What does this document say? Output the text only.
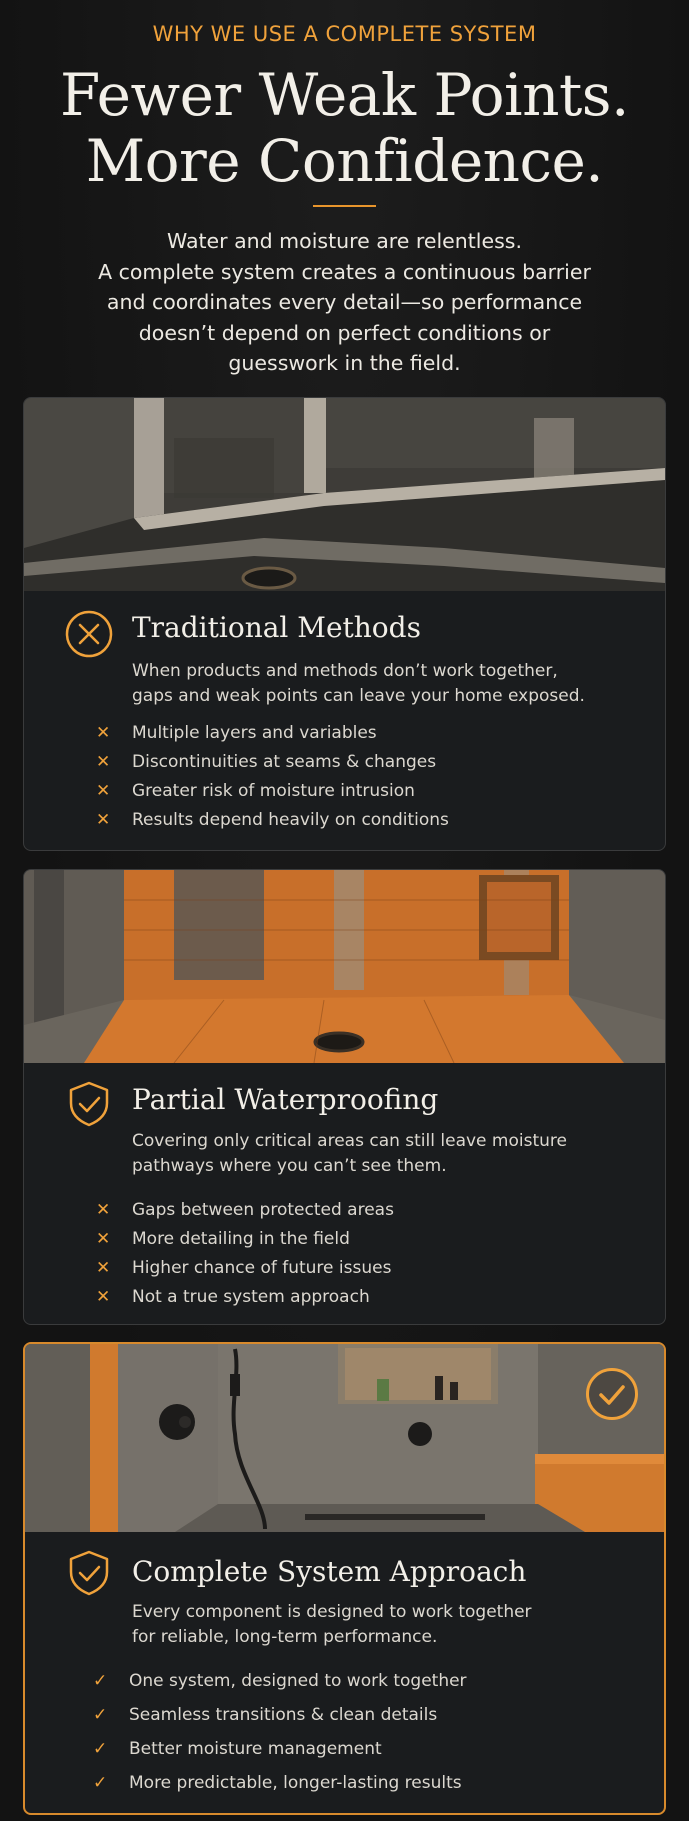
WHY WE USE A COMPLETE SYSTEM
Fewer Weak Points.
More Confidence.
Water and moisture are relentless.
A complete system creates a continuous barrier
and coordinates every detail—so performance
doesn’t depend on perfect conditions or
guesswork in the field.
Traditional Methods
When products and methods don’t work together,
gaps and weak points can leave your home exposed.
✕ Multiple layers and variables
✕ Discontinuities at seams & changes
✕ Greater risk of moisture intrusion
✕ Results depend heavily on conditions
Partial Waterproofing
Covering only critical areas can still leave moisture
pathways where you can’t see them.
✕ Gaps between protected areas
✕ More detailing in the field
✕ Higher chance of future issues
✕ Not a true system approach
Complete System Approach
Every component is designed to work together
for reliable, long-term performance.
✓ One system, designed to work together
✓ Seamless transitions & clean details
✓ Better moisture management
✓ More predictable, longer-lasting results
